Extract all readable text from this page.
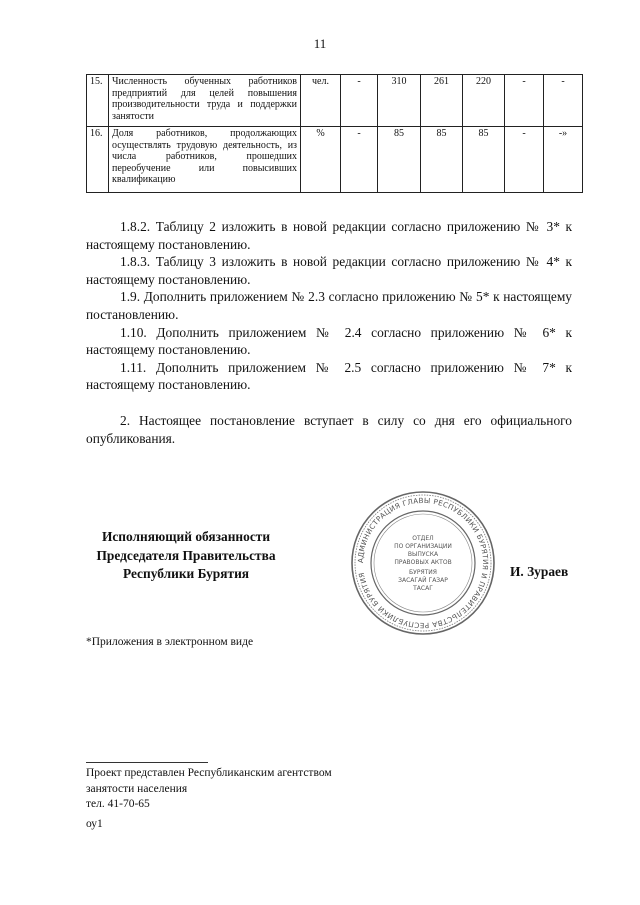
11
15.	Численность обученных работников предприятий для целей повышения производительности труда и поддержки занятости	чел.	-	310	261	220	-	-
16.	Доля работников, продолжающих осуществлять трудовую деятельность, из числа работников, прошедших переобучение или повысивших квалификацию	%	-	85	85	85	-	-»

1.8.2. Таблицу 2 изложить в новой редакции согласно приложению № 3* к настоящему постановлению.

1.8.3. Таблицу 3 изложить в новой редакции согласно приложению № 4* к настоящему постановлению.

1.9. Дополнить приложением № 2.3 согласно приложению № 5* к настоящему постановлению.

1.10. Дополнить приложением № 2.4 согласно приложению № 6* к настоящему постановлению.

1.11. Дополнить приложением № 2.5 согласно приложению № 7* к настоящему постановлению.

2. Настоящее постановление вступает в силу со дня его официального опубликования.

Исполняющий обязанности
Председателя Правительства
Республики Бурятия
АДМИНИСТРАЦИЯ ГЛАВЫ РЕСПУБЛИКИ БУРЯТИЯ И ПРАВИТЕЛЬСТВА РЕСПУБЛИКИ БУРЯТИЯ
ОТДЕЛ
ПО ОРГАНИЗАЦИИ
ВЫПУСКА
ПРАВОВЫХ АКТОВ
БУРЯТИЯ
ЗАСАГАЙ ГАЗАР
ТАСАГ
И. Зураев
*Приложения в электронном виде
Проект представлен Республиканским агентством
занятости населения
тел. 41-70-65
оу1
